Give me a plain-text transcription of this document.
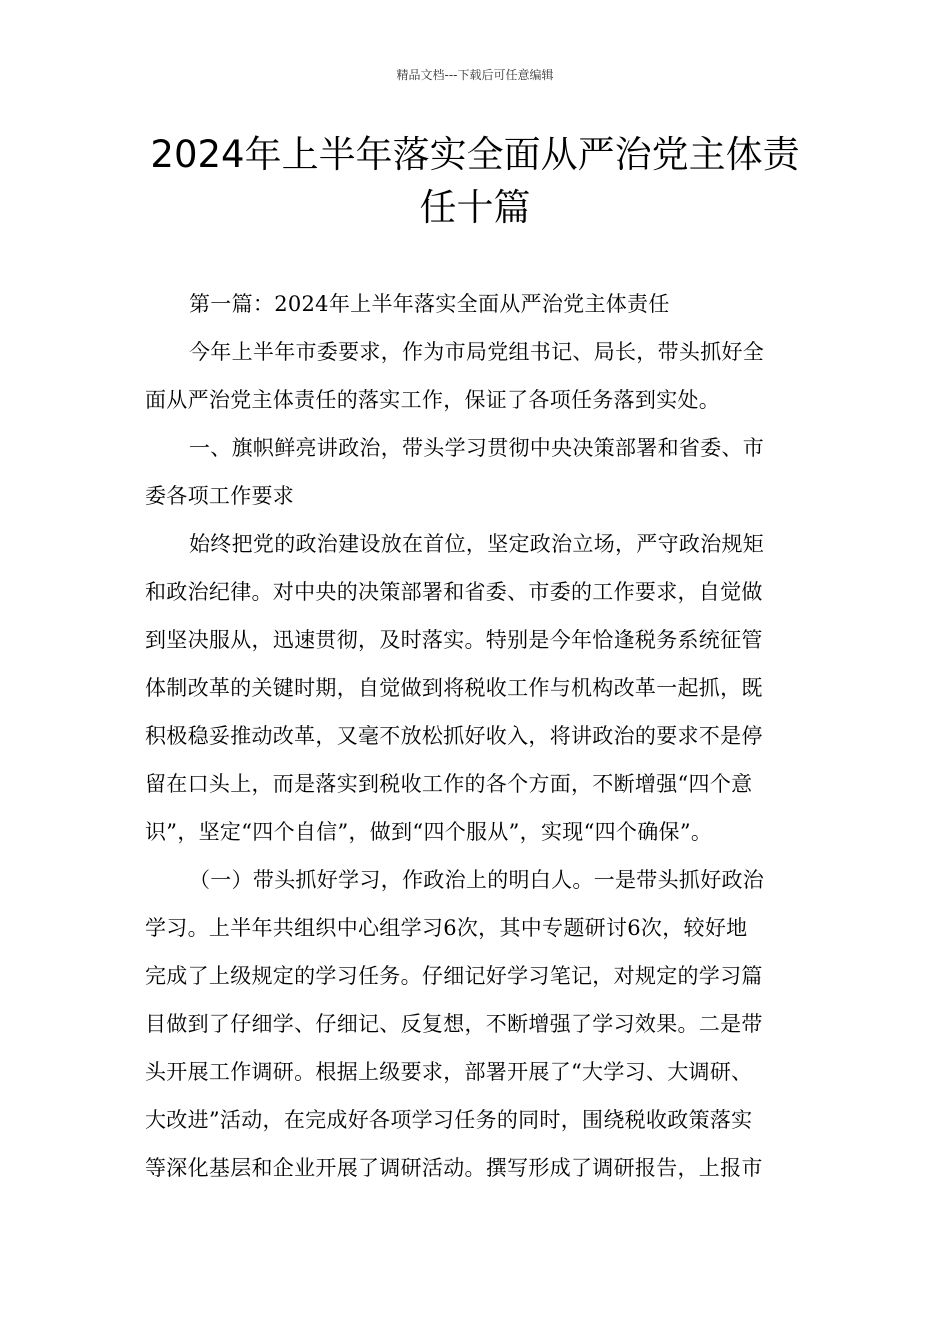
精品文档---下载后可任意编辑
2024年上半年落实全面从严治党主体责
任十篇

第一篇：2024年上半年落实全面从严治党主体责任

今年上半年市委要求，作为市局党组书记、局长，带头抓好全
面从严治党主体责任的落实工作，保证了各项任务落到实处。

一、旗帜鲜亮讲政治，带头学习贯彻中央决策部署和省委、市
委各项工作要求

始终把党的政治建设放在首位，坚定政治立场，严守政治规矩
和政治纪律。对中央的决策部署和省委、市委的工作要求，自觉做
到坚决服从，迅速贯彻，及时落实。特别是今年恰逢税务系统征管
体制改革的关键时期，自觉做到将税收工作与机构改革一起抓，既
积极稳妥推动改革，又毫不放松抓好收入，将讲政治的要求不是停
留在口头上，而是落实到税收工作的各个方面，不断增强“四个意
识”，坚定“四个自信”，做到“四个服从”，实现“四个确保”。

（一）带头抓好学习，作政治上的明白人。一是带头抓好政治
学习。上半年共组织中心组学习6次，其中专题研讨6次，较好地
完成了上级规定的学习任务。仔细记好学习笔记，对规定的学习篇
目做到了仔细学、仔细记、反复想，不断增强了学习效果。二是带
头开展工作调研。根据上级要求，部署开展了“大学习、大调研、
大改进”活动，在完成好各项学习任务的同时，围绕税收政策落实
等深化基层和企业开展了调研活动。撰写形成了调研报告，上报市
